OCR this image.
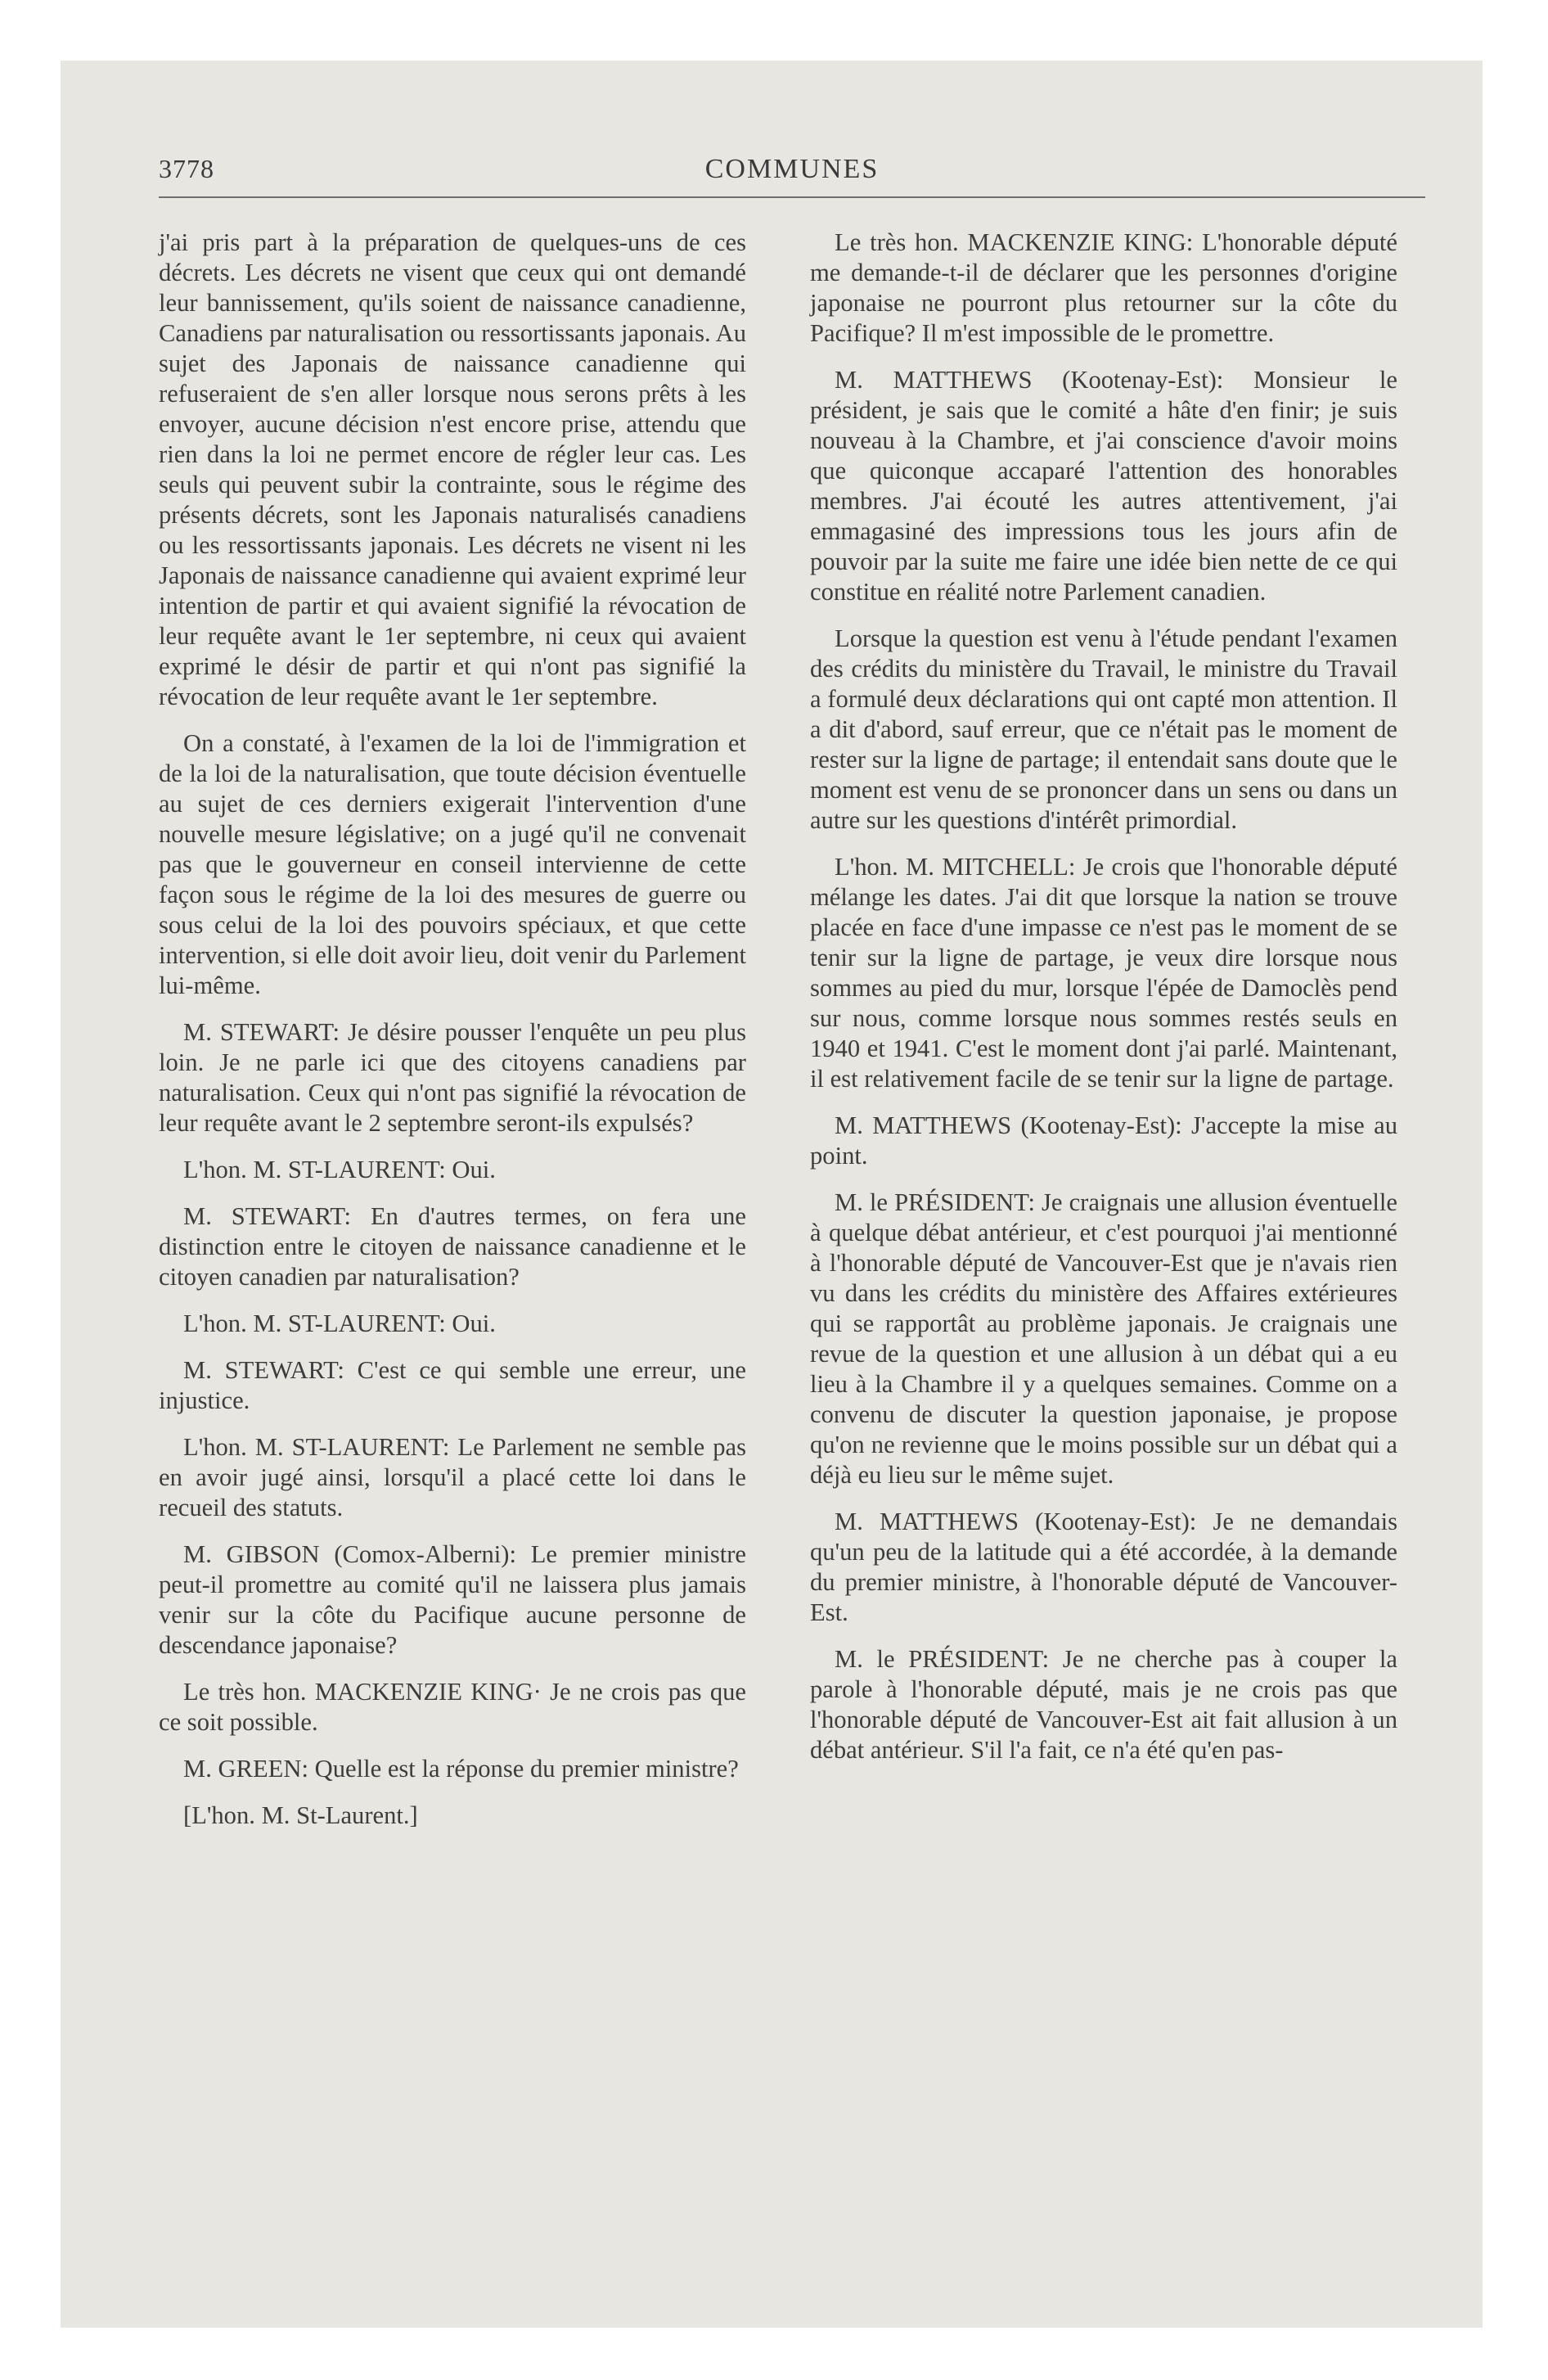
3778	COMMUNES

j'ai pris part à la préparation de quelques-uns de ces décrets. Les décrets ne visent que ceux qui ont demandé leur bannissement, qu'ils soient de naissance canadienne, Canadiens par naturalisation ou ressortissants japonais. Au sujet des Japonais de naissance canadienne qui refuseraient de s'en aller lorsque nous serons prêts à les envoyer, aucune décision n'est encore prise, attendu que rien dans la loi ne permet encore de régler leur cas. Les seuls qui peuvent subir la contrainte, sous le régime des présents décrets, sont les Japonais naturalisés canadiens ou les ressortissants japonais. Les décrets ne visent ni les Japonais de naissance canadienne qui avaient exprimé leur intention de partir et qui avaient signifié la révocation de leur requête avant le 1er septembre, ni ceux qui avaient exprimé le désir de partir et qui n'ont pas signifié la révocation de leur requête avant le 1er septembre.

On a constaté, à l'examen de la loi de l'immigration et de la loi de la naturalisation, que toute décision éventuelle au sujet de ces derniers exigerait l'intervention d'une nouvelle mesure législative; on a jugé qu'il ne convenait pas que le gouverneur en conseil intervienne de cette façon sous le régime de la loi des mesures de guerre ou sous celui de la loi des pouvoirs spéciaux, et que cette intervention, si elle doit avoir lieu, doit venir du Parlement lui-même.

M. STEWART: Je désire pousser l'enquête un peu plus loin. Je ne parle ici que des citoyens canadiens par naturalisation. Ceux qui n'ont pas signifié la révocation de leur requête avant le 2 septembre seront-ils expulsés?

L'hon. M. ST-LAURENT: Oui.

M. STEWART: En d'autres termes, on fera une distinction entre le citoyen de naissance canadienne et le citoyen canadien par naturalisation?

L'hon. M. ST-LAURENT: Oui.

M. STEWART: C'est ce qui semble une erreur, une injustice.

L'hon. M. ST-LAURENT: Le Parlement ne semble pas en avoir jugé ainsi, lorsqu'il a placé cette loi dans le recueil des statuts.

M. GIBSON (Comox-Alberni): Le premier ministre peut-il promettre au comité qu'il ne laissera plus jamais venir sur la côte du Pacifique aucune personne de descendance japonaise?

Le très hon. MACKENZIE KING· Je ne crois pas que ce soit possible.

M. GREEN: Quelle est la réponse du premier ministre?

[L'hon. M. St-Laurent.]

Le très hon. MACKENZIE KING: L'honorable député me demande-t-il de déclarer que les personnes d'origine japonaise ne pourront plus retourner sur la côte du Pacifique? Il m'est impossible de le promettre.

M. MATTHEWS (Kootenay-Est): Monsieur le président, je sais que le comité a hâte d'en finir; je suis nouveau à la Chambre, et j'ai conscience d'avoir moins que quiconque accaparé l'attention des honorables membres. J'ai écouté les autres attentivement, j'ai emmagasiné des impressions tous les jours afin de pouvoir par la suite me faire une idée bien nette de ce qui constitue en réalité notre Parlement canadien.

Lorsque la question est venu à l'étude pendant l'examen des crédits du ministère du Travail, le ministre du Travail a formulé deux déclarations qui ont capté mon attention. Il a dit d'abord, sauf erreur, que ce n'était pas le moment de rester sur la ligne de partage; il entendait sans doute que le moment est venu de se prononcer dans un sens ou dans un autre sur les questions d'intérêt primordial.

L'hon. M. MITCHELL: Je crois que l'honorable député mélange les dates. J'ai dit que lorsque la nation se trouve placée en face d'une impasse ce n'est pas le moment de se tenir sur la ligne de partage, je veux dire lorsque nous sommes au pied du mur, lorsque l'épée de Damoclès pend sur nous, comme lorsque nous sommes restés seuls en 1940 et 1941. C'est le moment dont j'ai parlé. Maintenant, il est relativement facile de se tenir sur la ligne de partage.

M. MATTHEWS (Kootenay-Est): J'accepte la mise au point.

M. le PRÉSIDENT: Je craignais une allusion éventuelle à quelque débat antérieur, et c'est pourquoi j'ai mentionné à l'honorable député de Vancouver-Est que je n'avais rien vu dans les crédits du ministère des Affaires extérieures qui se rapportât au problème japonais. Je craignais une revue de la question et une allusion à un débat qui a eu lieu à la Chambre il y a quelques semaines. Comme on a convenu de discuter la question japonaise, je propose qu'on ne revienne que le moins possible sur un débat qui a déjà eu lieu sur le même sujet.

M. MATTHEWS (Kootenay-Est): Je ne demandais qu'un peu de la latitude qui a été accordée, à la demande du premier ministre, à l'honorable député de Vancouver-Est.

M. le PRÉSIDENT: Je ne cherche pas à couper la parole à l'honorable député, mais je ne crois pas que l'honorable député de Vancouver-Est ait fait allusion à un débat antérieur. S'il l'a fait, ce n'a été qu'en pas-
